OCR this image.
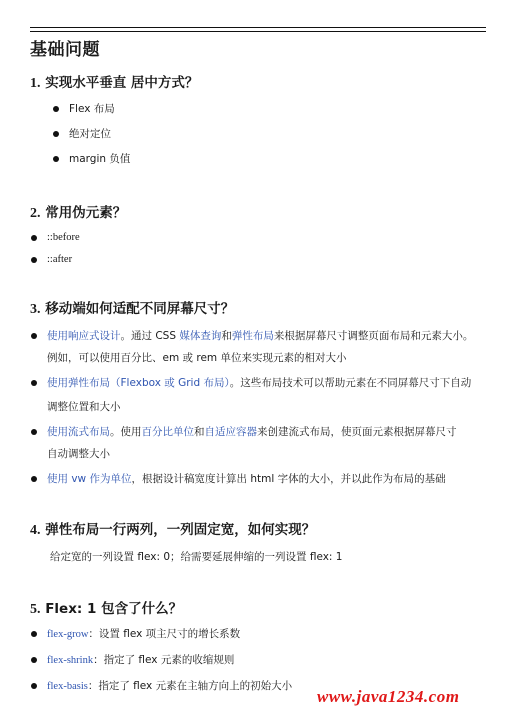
基础问题
1. 实现水平垂直 居中方式？
Flex 布局
绝对定位
margin 负值
2. 常用伪元素？
::before
::after
3. 移动端如何适配不同屏幕尺寸？
使用响应式设计。通过 CSS 媒体查询和弹性布局来根据屏幕尺寸调整页面布局和元素大小。
例如，可以使用百分比、em 或 rem 单位来实现元素的相对大小
使用弹性布局（Flexbox 或 Grid 布局）。这些布局技术可以帮助元素在不同屏幕尺寸下自动
调整位置和大小
使用流式布局。使用百分比单位和自适应容器来创建流式布局，使页面元素根据屏幕尺寸
自动调整大小
使用 vw 作为单位，根据设计稿宽度计算出 html 字体的大小，并以此作为布局的基础
4. 弹性布局一行两列，一列固定宽，如何实现？
给定宽的一列设置 flex: 0；给需要延展伸缩的一列设置 flex: 1
5. Flex: 1 包含了什么？
flex-grow：设置 flex 项主尺寸的增长系数
flex-shrink：指定了 flex 元素的收缩规则
flex-basis：指定了 flex 元素在主轴方向上的初始大小
www.java1234.com
